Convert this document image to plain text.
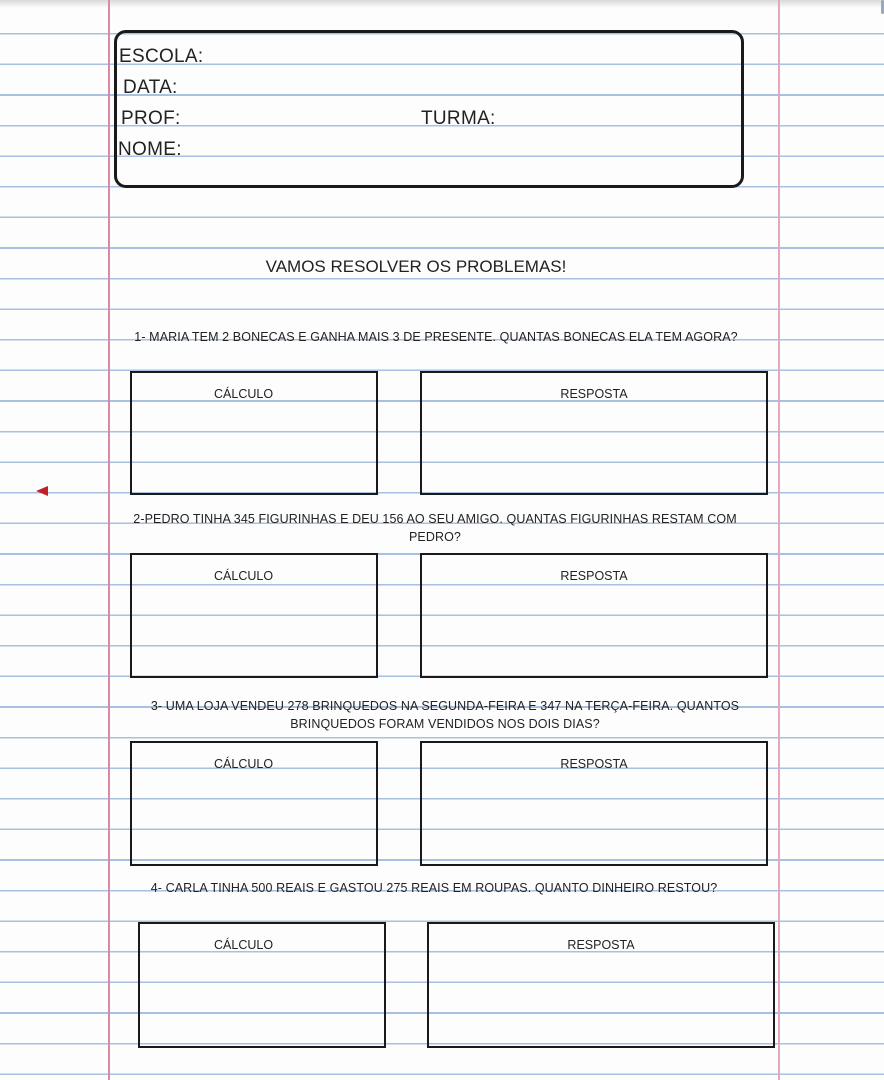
ESCOLA:
DATA:
PROF:	TURMA:
NOME:
VAMOS RESOLVER OS PROBLEMAS!
1- MARIA TEM 2 BONECAS E GANHA MAIS 3 DE PRESENTE. QUANTAS BONECAS ELA TEM AGORA?
CÁLCULO	RESPOSTA
2-PEDRO TINHA 345 FIGURINHAS E DEU 156 AO SEU AMIGO. QUANTAS FIGURINHAS RESTAM COM
PEDRO?
CÁLCULO	RESPOSTA
3- UMA LOJA VENDEU 278 BRINQUEDOS NA SEGUNDA-FEIRA E 347 NA TERÇA-FEIRA. QUANTOS
BRINQUEDOS FORAM VENDIDOS NOS DOIS DIAS?
CÁLCULO	RESPOSTA
4- CARLA TINHA 500 REAIS E GASTOU 275 REAIS EM ROUPAS. QUANTO DINHEIRO RESTOU?
CÁLCULO	RESPOSTA
